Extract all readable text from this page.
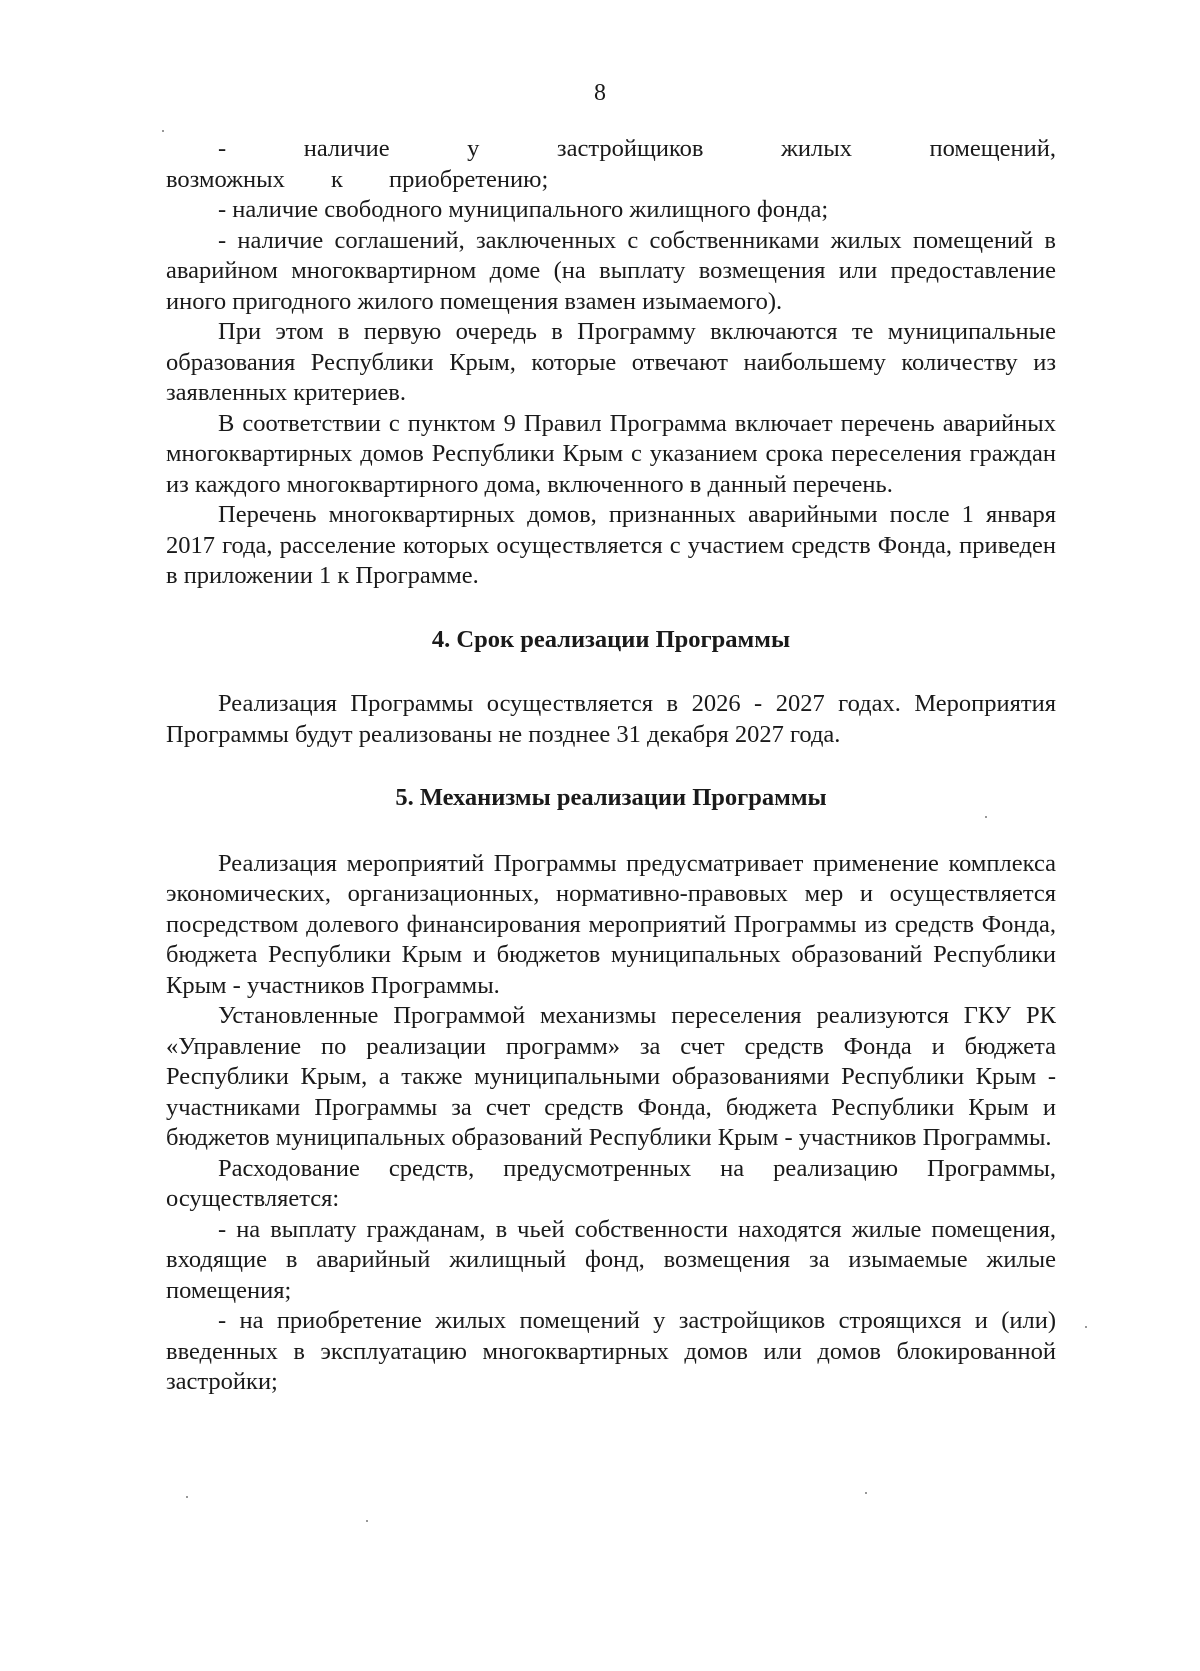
8

- наличие у застройщиков жилых помещений, возможных к приобретению;

- наличие свободного муниципального жилищного фонда;

- наличие соглашений, заключенных с собственниками жилых помещений в аварийном многоквартирном доме (на выплату возмещения или предоставление иного пригодного жилого помещения взамен изымаемого).

При этом в первую очередь в Программу включаются те муниципальные образования Республики Крым, которые отвечают наибольшему количеству из заявленных критериев.

В соответствии с пунктом 9 Правил Программа включает перечень аварийных многоквартирных домов Республики Крым с указанием срока переселения граждан из каждого многоквартирного дома, включенного в данный перечень.

Перечень многоквартирных домов, признанных аварийными после 1 января 2017 года, расселение которых осуществляется с участием средств Фонда, приведен в приложении 1 к Программе.

4. Срок реализации Программы

Реализация Программы осуществляется в 2026 - 2027 годах. Мероприятия Программы будут реализованы не позднее 31 декабря 2027 года.

5. Механизмы реализации Программы

Реализация мероприятий Программы предусматривает применение комплекса экономических, организационных, нормативно-правовых мер и осуществляется посредством долевого финансирования мероприятий Программы из средств Фонда, бюджета Республики Крым и бюджетов муниципальных образований Республики Крым - участников Программы.

Установленные Программой механизмы переселения реализуются ГКУ РК «Управление по реализации программ» за счет средств Фонда и бюджета Республики Крым, а также муниципальными образованиями Республики Крым - участниками Программы за счет средств Фонда, бюджета Республики Крым и бюджетов муниципальных образований Республики Крым - участников Программы.

Расходование средств, предусмотренных на реализацию Программы, осуществляется:

- на выплату гражданам, в чьей собственности находятся жилые помещения, входящие в аварийный жилищный фонд, возмещения за изымаемые жилые помещения;

- на приобретение жилых помещений у застройщиков строящихся и (или) введенных в эксплуатацию многоквартирных домов или домов блокированной застройки;
